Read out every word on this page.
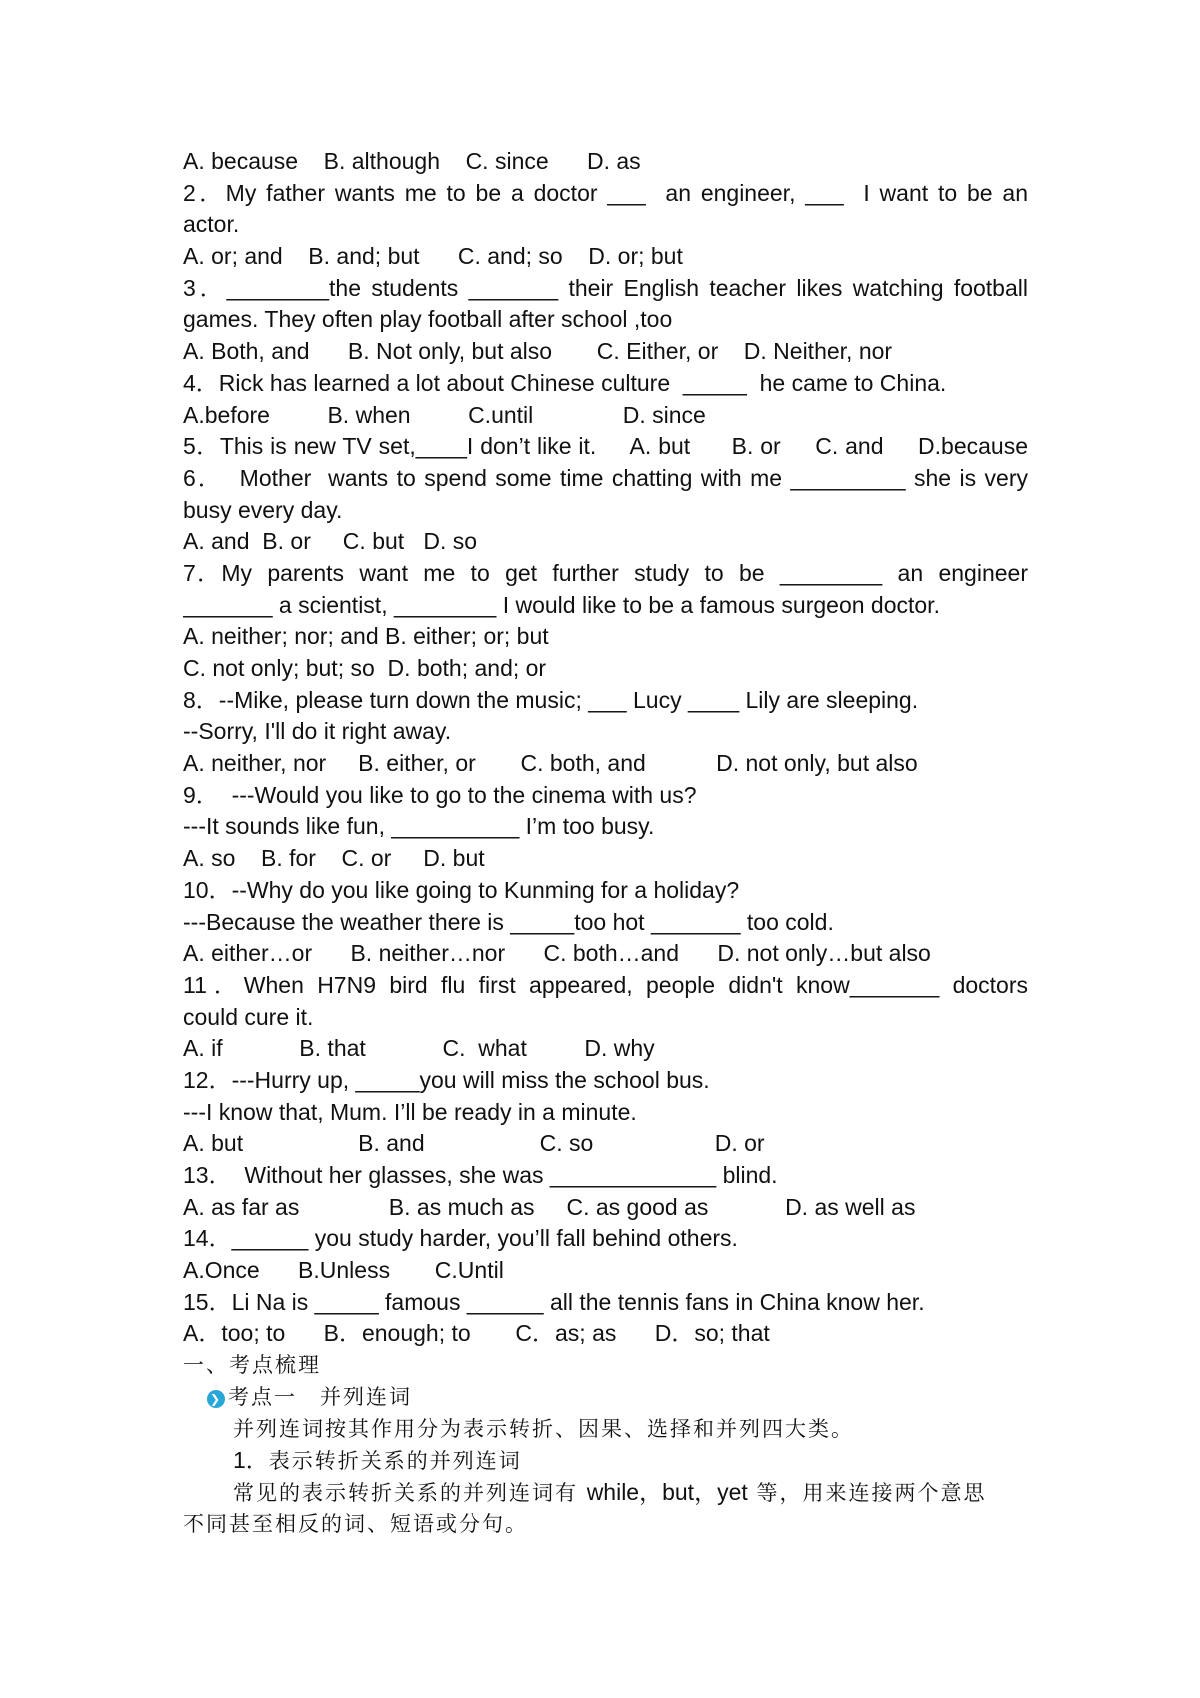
A. because    B. although    C. since      D. as
2．My father wants me to be a doctor ___  an engineer, ___  I want to be an
actor.
A. or; and    B. and; but      C. and; so    D. or; but
3．________the students _______ their English teacher likes watching football
games. They often play football after school ,too
A. Both, and      B. Not only, but also       C. Either, or    D. Neither, nor
4．Rick has learned a lot about Chinese culture  _____  he came to China.
A.before         B. when         C.until              D. since
5．This is new TV set,____I don’t like it.     A. but      B. or     C. and     D.because
6．  Mother  wants to spend some time chatting with me _________ she is very
busy every day.
A. and  B. or     C. but   D. so
7．My  parents  want  me  to  get  further  study  to  be  ________  an  engineer
_______ a scientist, ________ I would like to be a famous surgeon doctor.
A. neither; nor; and B. either; or; but
C. not only; but; so  D. both; and; or
8．--Mike, please turn down the music; ___ Lucy ____ Lily are sleeping.
--Sorry, I'll do it right away.
A. neither, nor     B. either, or       C. both, and           D. not only, but also
9．  ---Would you like to go to the cinema with us?
---It sounds like fun, __________ I’m too busy.
A. so    B. for    C. or     D. but
10．--Why do you like going to Kunming for a holiday?
---Because the weather there is _____too hot _______ too cold.
A. either…or      B. neither…nor      C. both…and      D. not only…but also
11．When H7N9 bird flu first appeared, people didn't know_______ doctors
could cure it.
A. if            B. that            C.  what         D. why
12．---Hurry up, _____you will miss the school bus.
---I know that, Mum. I’ll be ready in a minute.
A. but                  B. and                  C. so                   D. or
13．  Without her glasses, she was _____________ blind.
A. as far as              B. as much as     C. as good as            D. as well as
14．______ you study harder, you’ll fall behind others.
A.Once      B.Unless       C.Until
15．Li Na is _____ famous ______ all the tennis fans in China know her.
A．too; to      B．enough; to       C．as; as      D．so; that
一、考点梳理
❯ 考点一　并列连词
并列连词按其作用分为表示转折、因果、选择和并列四大类。
1．表示转折关系的并列连词
常见的表示转折关系的并列连词有 while，but，yet 等，用来连接两个意思
不同甚至相反的词、短语或分句。
